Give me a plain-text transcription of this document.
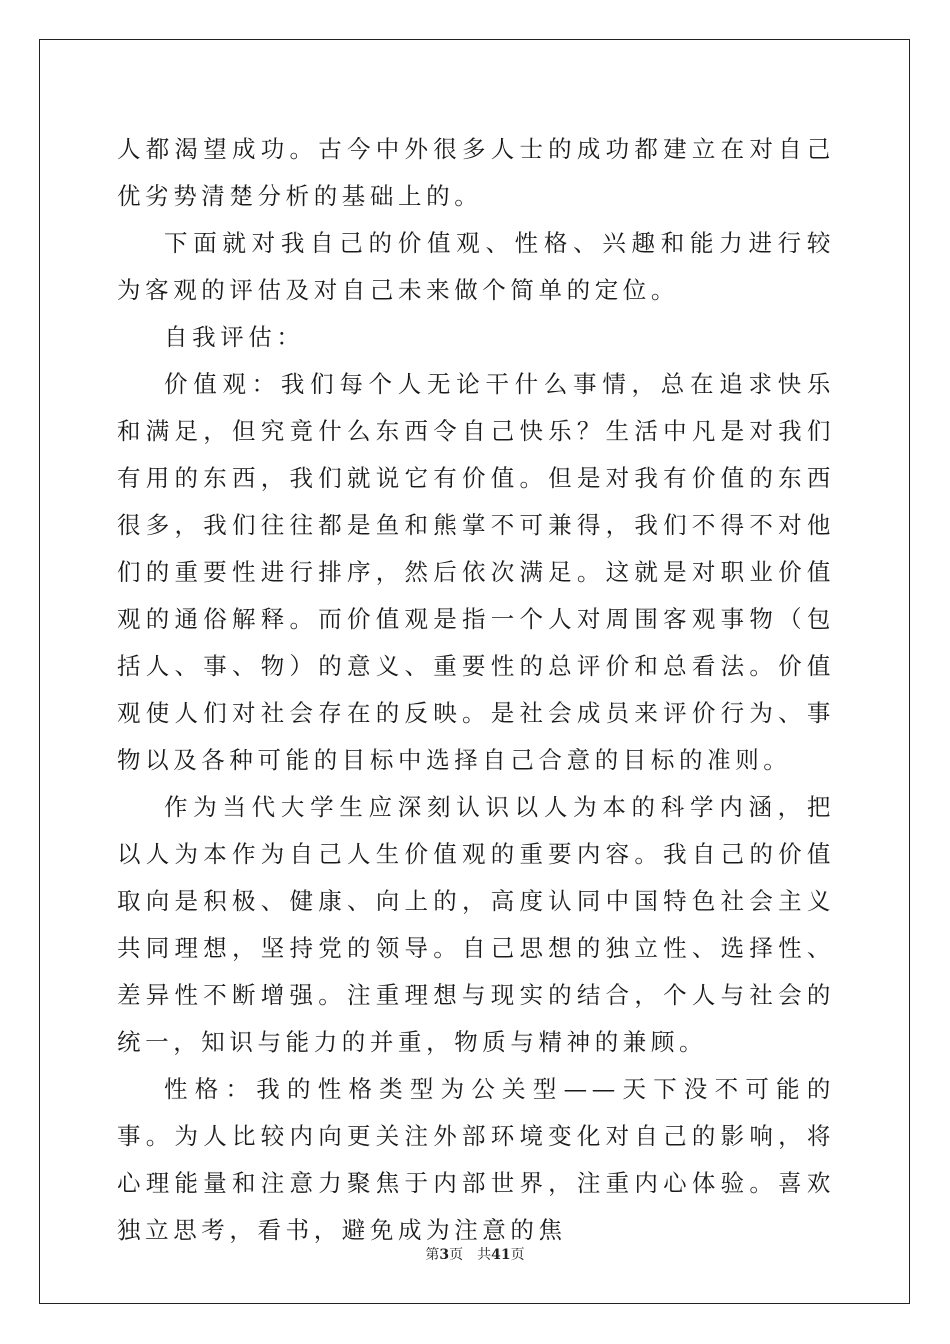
人都渴望成功。古今中外很多人士的成功都建立在对自己优劣势清楚分析的基础上的。

下面就对我自己的价值观、性格、兴趣和能力进行较为客观的评估及对自己未来做个简单的定位。

自我评估：

价值观：我们每个人无论干什么事情，总在追求快乐和满足，但究竟什么东西令自己快乐？生活中凡是对我们有用的东西，我们就说它有价值。但是对我有价值的东西很多，我们往往都是鱼和熊掌不可兼得，我们不得不对他们的重要性进行排序，然后依次满足。这就是对职业价值观的通俗解释。而价值观是指一个人对周围客观事物（包括人、事、物）的意义、重要性的总评价和总看法。价值观使人们对社会存在的反映。是社会成员来评价行为、事物以及各种可能的目标中选择自己合意的目标的准则。

作为当代大学生应深刻认识以人为本的科学内涵，把以人为本作为自己人生价值观的重要内容。我自己的价值取向是积极、健康、向上的，高度认同中国特色社会主义共同理想，坚持党的领导。自己思想的独立性、选择性、差异性不断增强。注重理想与现实的结合，个人与社会的统一，知识与能力的并重，物质与精神的兼顾。

性格：我的性格类型为公关型——天下没不可能的事。为人比较内向更关注外部环境变化对自己的影响，将心理能量和注意力聚焦于内部世界，注重内心体验。喜欢独立思考，看书，避免成为注意的焦

第3页 共41页
